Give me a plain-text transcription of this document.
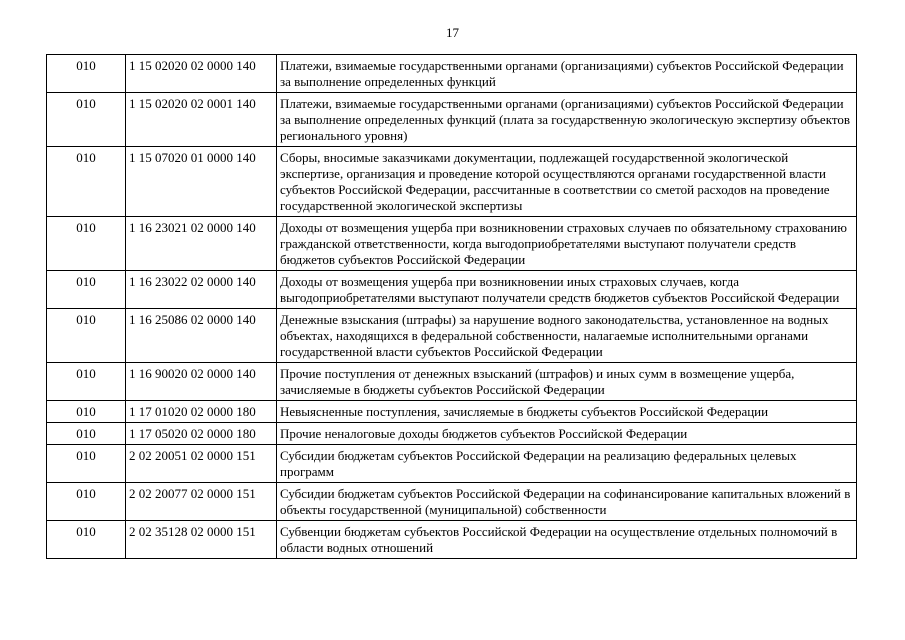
17
010	1 15 02020 02 0000 140	Платежи, взимаемые государственными органами (организациями) субъектов Российской Федерации за выполнение определенных функций
010	1 15 02020 02 0001 140	Платежи, взимаемые государственными органами (организациями) субъектов Российской Федерации за выполнение определенных функций (плата за государственную экологическую экспертизу объектов регионального уровня)
010	1 15 07020 01 0000 140	Сборы, вносимые заказчиками документации, подлежащей государственной экологической экспертизе, организация и проведение которой осуществляются органами государственной власти субъектов Российской Федерации, рассчитанные в соответствии со сметой расходов на проведение государственной экологической экспертизы
010	1 16 23021 02 0000 140	Доходы от возмещения ущерба при возникновении страховых случаев по обязательному страхованию гражданской ответственности, когда выгодоприобретателями выступают получатели средств бюджетов субъектов Российской Федерации
010	1 16 23022 02 0000 140	Доходы от возмещения ущерба при возникновении иных страховых случаев, когда выгодоприобретателями выступают получатели средств бюджетов субъектов Российской Федерации
010	1 16 25086 02 0000 140	Денежные взыскания (штрафы) за нарушение водного законодательства, установленное на водных объектах, находящихся в федеральной собственности, налагаемые исполнительными органами государственной власти субъектов Российской Федерации
010	1 16 90020 02 0000 140	Прочие поступления от денежных взысканий (штрафов) и иных сумм в возмещение ущерба, зачисляемые в бюджеты субъектов Российской Федерации
010	1 17 01020 02 0000 180	Невыясненные поступления, зачисляемые в бюджеты субъектов Российской Федерации
010	1 17 05020 02 0000 180	Прочие неналоговые доходы бюджетов субъектов Российской Федерации
010	2 02 20051 02 0000 151	Субсидии бюджетам субъектов Российской Федерации на реализацию федеральных целевых программ
010	2 02 20077 02 0000 151	Субсидии бюджетам субъектов Российской Федерации на софинансирование капитальных вложений в объекты государственной (муниципальной) собственности
010	2 02 35128 02 0000 151	Субвенции бюджетам субъектов Российской Федерации на осуществление отдельных полномочий в области водных отношений
